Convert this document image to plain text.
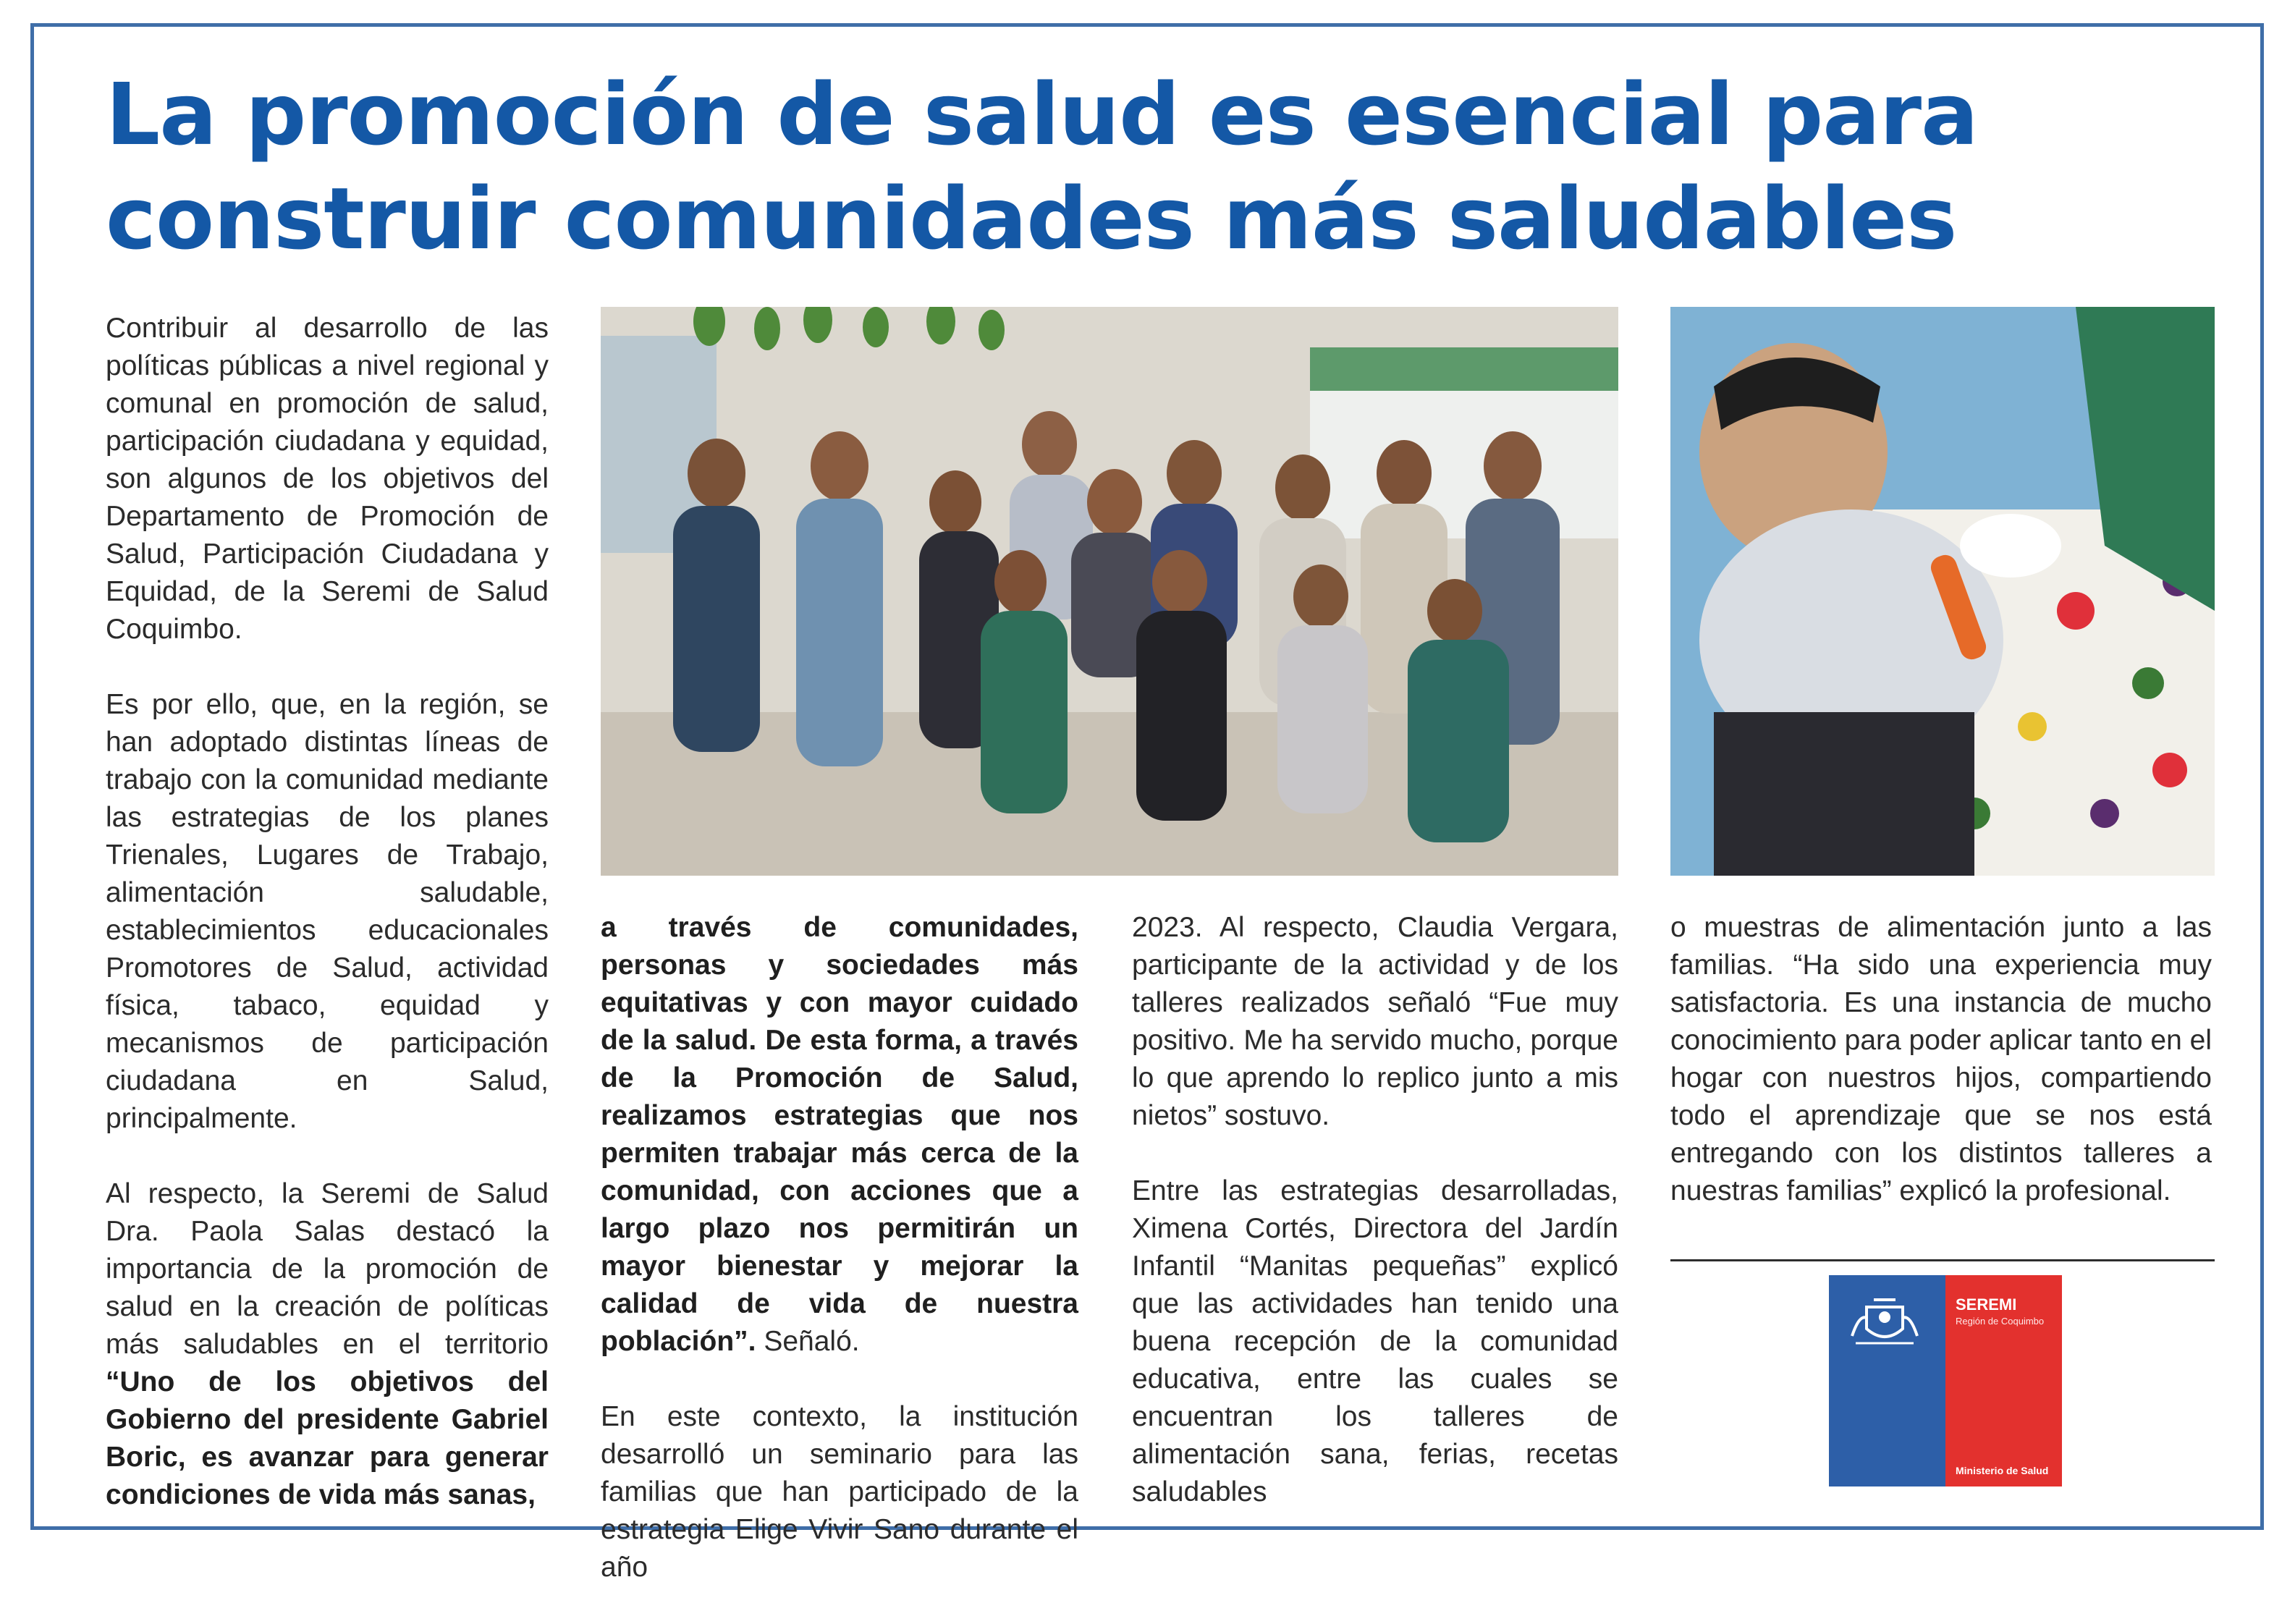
La promoción de salud es esencial para construir comunidades más saludables

Contribuir al desarrollo de las políticas públicas a nivel regional y comunal en promoción de salud, participación ciudadana y equidad, son algunos de los objetivos del Departamento de Promoción de Salud, Participación Ciudadana y Equidad, de la Seremi de Salud Coquimbo.

Es por ello, que, en la región, se han adoptado distintas líneas de trabajo con la comunidad mediante las estrategias de los planes Trienales, Lugares de Trabajo, alimentación saludable, establecimientos educacionales Promotores de Salud, actividad física, tabaco, equidad y mecanismos de participación ciudadana en Salud, principalmente.

Al respecto, la Seremi de Salud Dra. Paola Salas destacó la importancia de la promoción de salud en la creación de políticas más saludables en el territorio “Uno de los objetivos del Gobierno del presidente Gabriel Boric, es avanzar para generar condiciones de vida más sanas,

a través de comunidades, personas y sociedades más equitativas y con mayor cuidado de la salud. De esta forma, a través de la Promoción de Salud, realizamos estrategias que nos permiten trabajar más cerca de la comunidad, con acciones que a largo plazo nos permitirán un mayor bienestar y mejorar la calidad de vida de nuestra población”. Señaló.

En este contexto, la institución desarrolló un seminario para las familias que han participado de la estrategia Elige Vivir Sano durante el año

2023. Al respecto, Claudia Vergara, participante de la actividad y de los talleres realizados señaló “Fue muy positivo. Me ha servido mucho, porque lo que aprendo lo replico junto a mis nietos” sostuvo.

Entre las estrategias desarrolladas, Ximena Cortés, Directora del Jardín Infantil “Manitas pequeñas” explicó que las actividades han tenido una buena recepción de la comunidad educativa, entre las cuales se encuentran los talleres de alimentación sana, ferias, recetas saludables

o muestras de alimentación junto a las familias. “Ha sido una experiencia muy satisfactoria. Es una instancia de mucho conocimiento para poder aplicar tanto en el hogar con nuestros hijos, compartiendo todo el aprendizaje que se nos está entregando con los distintos talleres a nuestras familias” explicó la profesional.

SEREMI

Región de Coquimbo

Ministerio de Salud
